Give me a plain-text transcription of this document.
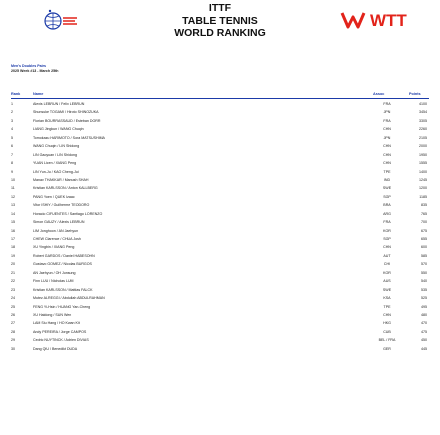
ITTF
TABLE TENNIS
WORLD RANKING
WTT
Men's Doubles Pairs
2025 Week #13 - March 25th
Rank	Name	Assoc	Points
1	Alexis LEBRUN / Felix LEBRUN	FRA	4100
2	Shunsuke TOGAMI / Hiroto SHINOZUKA	JPN	3454
3	Florian BOURRASSAUD / Esteban DORR	FRA	3305
4	LIANG Jingkun / WANG Chuqin	CHN	2260
5	Tomokazu HARIMOTO / Sora MATSUSHIMA	JPN	2105
6	WANG Chuqin / LIN Shidong	CHN	2000
7	LIN Gaoyuan / LIN Shidong	CHN	1950
8	YUAN Licen / XIANG Peng	CHN	1555
9	LIN Yun-Ju / KAO Cheng-Jui	TPE	1400
10	Manav THAKKAR / Manush SHAH	IND	1245
11	Kristian KARLSSON / Anton KALLBERG	SWE	1200
12	PANG Yoen / QUEK Izaac	SGP	1185
13	Vitor ISHIY / Guilherme TEODORO	BRA	835
14	Horacio CIFUENTES / Santiago LORENZO	ARG	765
15	Simon GAUZY / Alexis LEBRUN	FRA	700
16	LIM Jonghoon / AN Jaehyun	KOR	675
17	CHEW Clarence / CHUA Josh	SGP	655
18	XU Yingbin / XIANG Peng	CHN	600
19	Robert GARDOS / Daniel HABESOHN	AUT	585
20	Gustavo GOMEZ / Nicolas BURGOS	CHI	570
21	AN Jaehyun / OH Junsung	KOR	550
22	Finn LUU / Nicholas LUM	AUS	540
23	Kristian KARLSSON / Mattias FALCK	SWE	535
24	Mutez ALREGGI / Abdullah ABDULRAHMAN	KSA	525
25	FENG Yi-Hsin / HUANG Yan-Cheng	TPE	495
26	XU Haidong / SUN Wen	CHN	480
27	LAM Siu Hang / HO Kwan Kit	HKG	470
28	Andy PEREIRA / Jorge CAMPOS	CUB	475
29	Cedric NUYTINCK / Adrien DIVIAS	BEL / FRA	450
30	Dang QIU / Benedikt DUDA	GER	445
